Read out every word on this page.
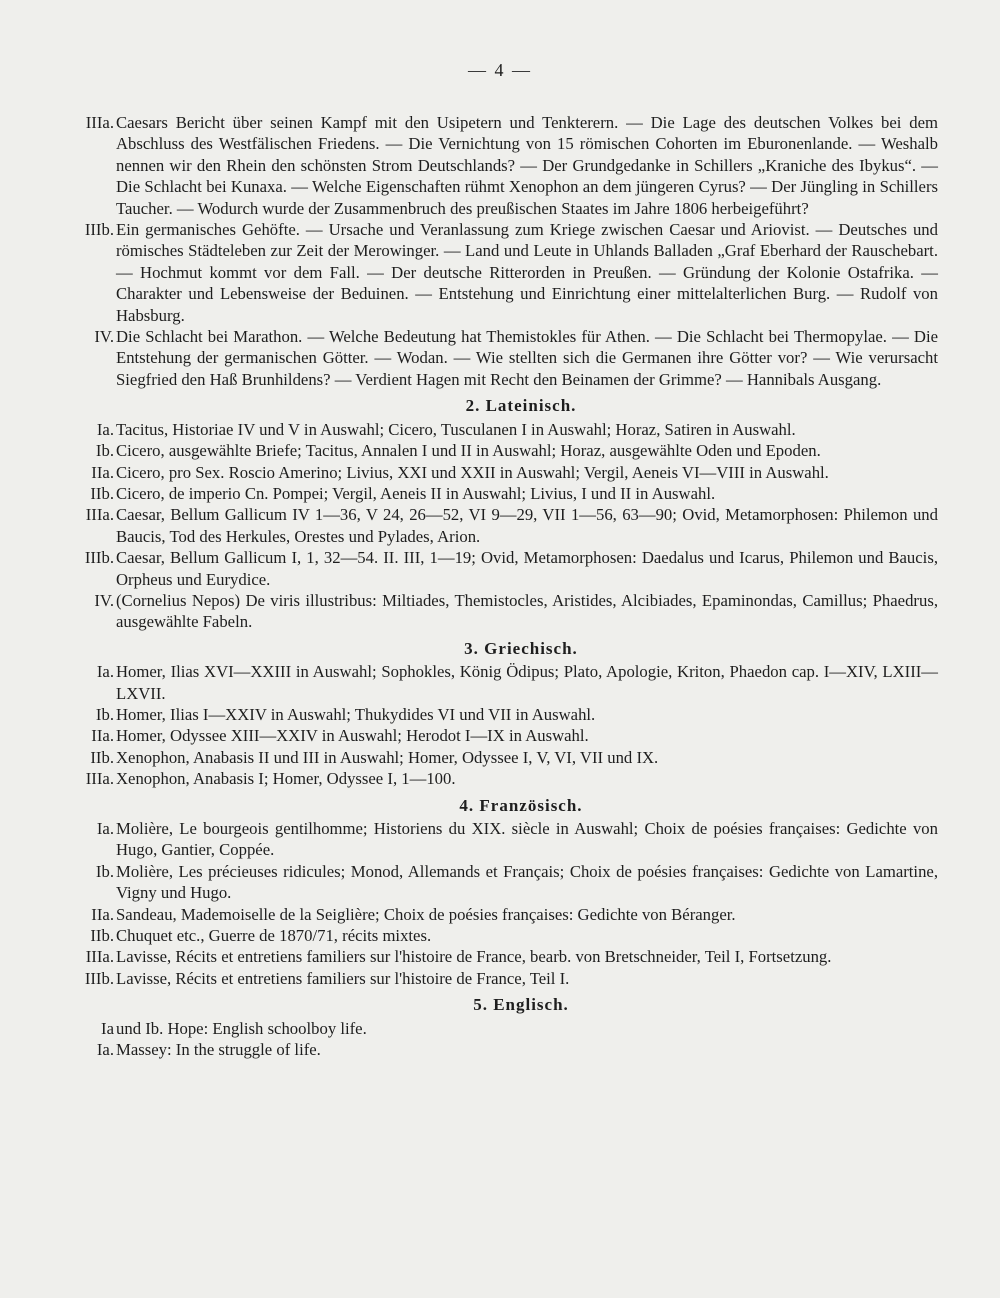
— 4 —
IIIa. Caesars Bericht über seinen Kampf mit den Usipetern und Tenkterern. — Die Lage des deutschen Volkes bei dem Abschluss des Westfälischen Friedens. — Die Vernichtung von 15 römischen Cohorten im Eburonenlande. — Weshalb nennen wir den Rhein den schönsten Strom Deutschlands? — Der Grundgedanke in Schillers „Kraniche des Ibykus“. — Die Schlacht bei Kunaxa. — Welche Eigenschaften rühmt Xenophon an dem jüngeren Cyrus? — Der Jüngling in Schillers Taucher. — Wodurch wurde der Zusammenbruch des preußischen Staates im Jahre 1806 herbeigeführt?
IIIb. Ein germanisches Gehöfte. — Ursache und Veranlassung zum Kriege zwischen Caesar und Ariovist. — Deutsches und römisches Städteleben zur Zeit der Merowinger. — Land und Leute in Uhlands Balladen „Graf Eberhard der Rauschebart. — Hochmut kommt vor dem Fall. — Der deutsche Ritterorden in Preußen. — Gründung der Kolonie Ostafrika. — Charakter und Lebensweise der Beduinen. — Entstehung und Einrichtung einer mittelalterlichen Burg. — Rudolf von Habsburg.
IV. Die Schlacht bei Marathon. — Welche Bedeutung hat Themistokles für Athen. — Die Schlacht bei Thermopylae. — Die Entstehung der germanischen Götter. — Wodan. — Wie stellten sich die Germanen ihre Götter vor? — Wie verursacht Siegfried den Haß Brunhildens? — Verdient Hagen mit Recht den Beinamen der Grimme? — Hannibals Ausgang.
2. Lateinisch.
Ia. Tacitus, Historiae IV und V in Auswahl; Cicero, Tusculanen I in Auswahl; Horaz, Satiren in Auswahl.
Ib. Cicero, ausgewählte Briefe; Tacitus, Annalen I und II in Auswahl; Horaz, ausgewählte Oden und Epoden.
IIa. Cicero, pro Sex. Roscio Amerino; Livius, XXI und XXII in Auswahl; Vergil, Aeneis VI—VIII in Auswahl.
IIb. Cicero, de imperio Cn. Pompei; Vergil, Aeneis II in Auswahl; Livius, I und II in Auswahl.
IIIa. Caesar, Bellum Gallicum IV 1—36, V 24, 26—52, VI 9—29, VII 1—56, 63—90; Ovid, Metamorphosen: Philemon und Baucis, Tod des Herkules, Orestes und Pylades, Arion.
IIIb. Caesar, Bellum Gallicum I, 1, 32—54. II. III, 1—19; Ovid, Metamorphosen: Daedalus und Icarus, Philemon und Baucis, Orpheus und Eurydice.
IV. (Cornelius Nepos) De viris illustribus: Miltiades, Themistocles, Aristides, Alcibiades, Epaminondas, Camillus; Phaedrus, ausgewählte Fabeln.
3. Griechisch.
Ia. Homer, Ilias XVI—XXIII in Auswahl; Sophokles, König Ödipus; Plato, Apologie, Kriton, Phaedon cap. I—XIV, LXIII—LXVII.
Ib. Homer, Ilias I—XXIV in Auswahl; Thukydides VI und VII in Auswahl.
IIa. Homer, Odyssee XIII—XXIV in Auswahl; Herodot I—IX in Auswahl.
IIb. Xenophon, Anabasis II und III in Auswahl; Homer, Odyssee I, V, VI, VII und IX.
IIIa. Xenophon, Anabasis I; Homer, Odyssee I, 1—100.
4. Französisch.
Ia. Molière, Le bourgeois gentilhomme; Historiens du XIX. siècle in Auswahl; Choix de poésies françaises: Gedichte von Hugo, Gantier, Coppée.
Ib. Molière, Les précieuses ridicules; Monod, Allemands et Français; Choix de poésies françaises: Gedichte von Lamartine, Vigny und Hugo.
IIa. Sandeau, Mademoiselle de la Seiglière; Choix de poésies françaises: Gedichte von Béranger.
IIb. Chuquet etc., Guerre de 1870/71, récits mixtes.
IIIa. Lavisse, Récits et entretiens familiers sur l'histoire de France, bearb. von Bretschneider, Teil I, Fortsetzung.
IIIb. Lavisse, Récits et entretiens familiers sur l'histoire de France, Teil I.
5. Englisch.
Ia und Ib. Hope: English schoolboy life.
Ia. Massey: In the struggle of life.
